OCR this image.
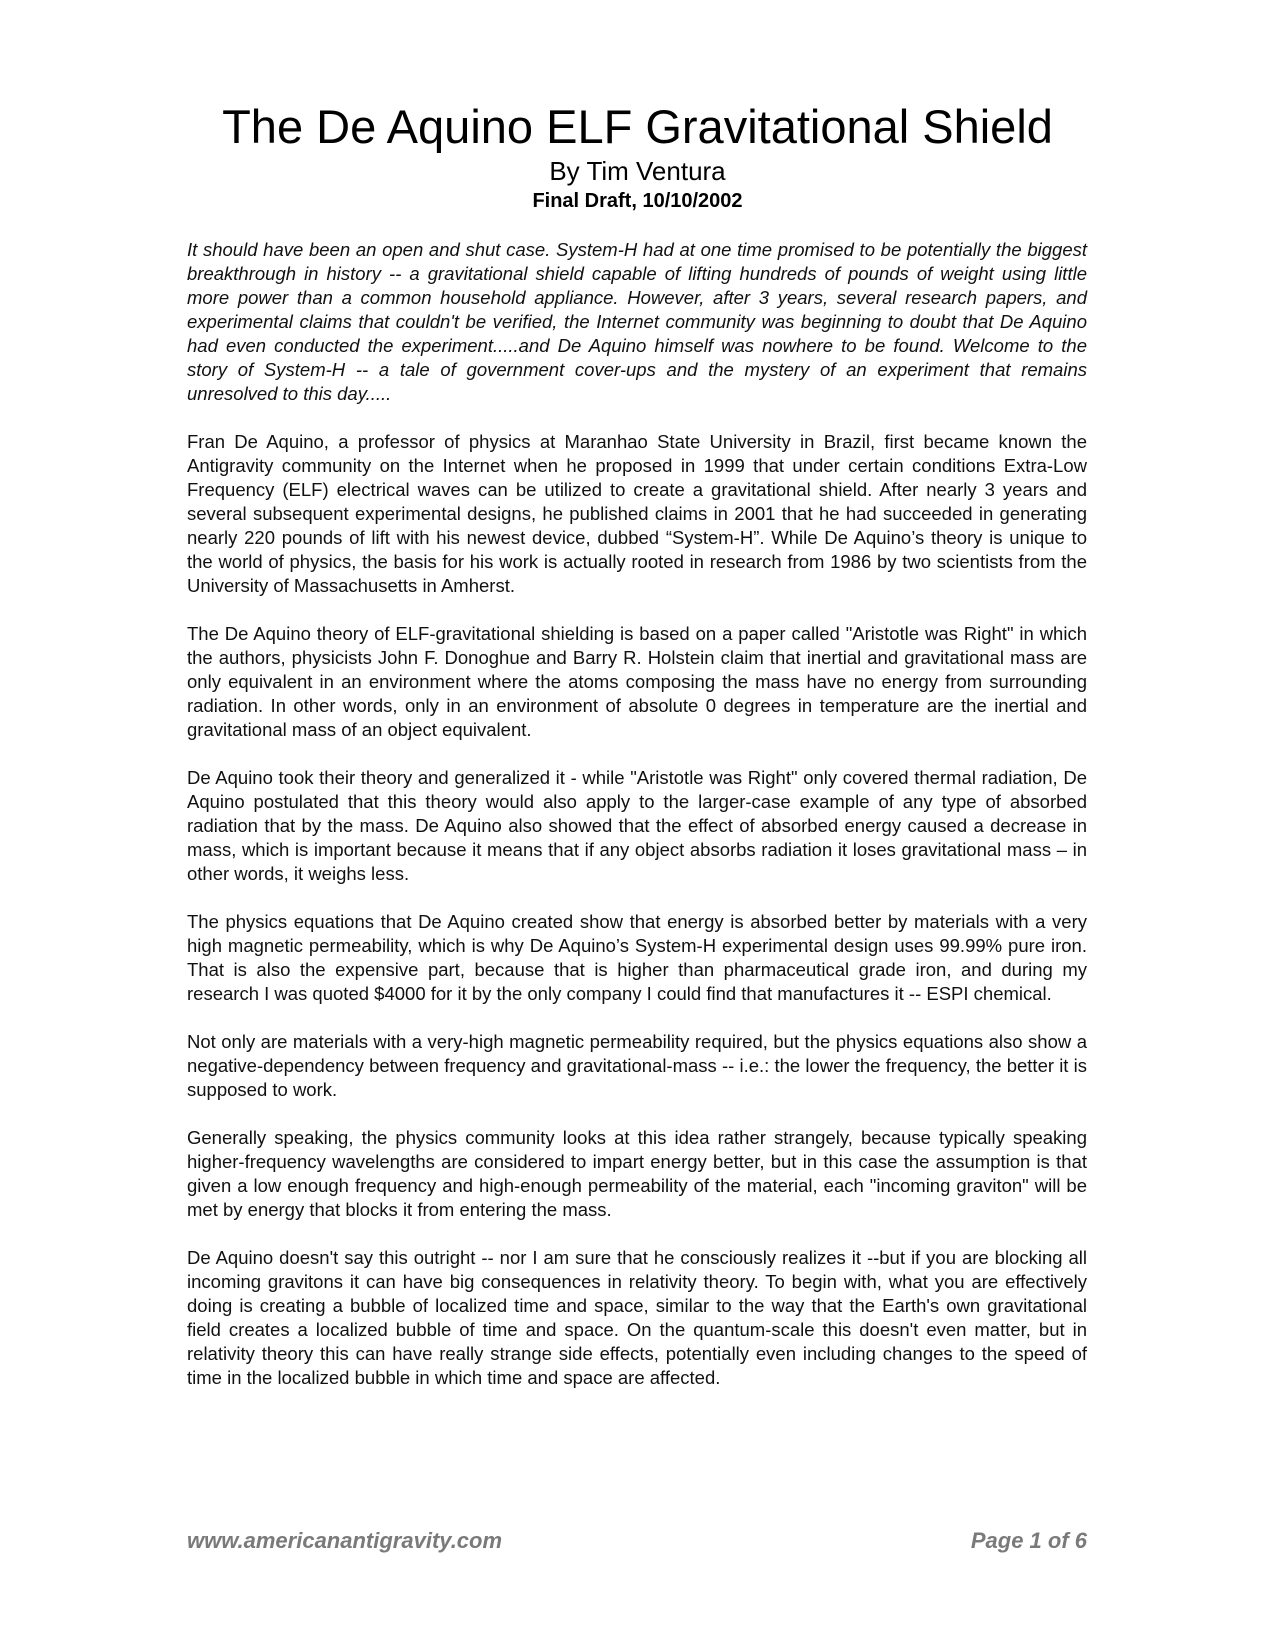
The De Aquino ELF Gravitational Shield
By Tim Ventura
Final Draft, 10/10/2002

It should have been an open and shut case. System-H had at one time promised to be potentially the biggest breakthrough in history -- a gravitational shield capable of lifting hundreds of pounds of weight using little more power than a common household appliance. However, after 3 years, several research papers, and experimental claims that couldn't be verified, the Internet community was beginning to doubt that De Aquino had even conducted the experiment.....and De Aquino himself was nowhere to be found. Welcome to the story of System-H -- a tale of government cover-ups and the mystery of an experiment that remains unresolved to this day.....

Fran De Aquino, a professor of physics at Maranhao State University in Brazil, first became known the Antigravity community on the Internet when he proposed in 1999 that under certain conditions Extra-Low Frequency (ELF) electrical waves can be utilized to create a gravitational shield. After nearly 3 years and several subsequent experimental designs, he published claims in 2001 that he had succeeded in generating nearly 220 pounds of lift with his newest device, dubbed “System-H”. While De Aquino’s theory is unique to the world of physics, the basis for his work is actually rooted in research from 1986 by two scientists from the University of Massachusetts in Amherst.

The De Aquino theory of ELF-gravitational shielding is based on a paper called "Aristotle was Right" in which the authors, physicists John F. Donoghue and Barry R. Holstein claim that inertial and gravitational mass are only equivalent in an environment where the atoms composing the mass have no energy from surrounding radiation. In other words, only in an environment of absolute 0 degrees in temperature are the inertial and gravitational mass of an object equivalent.

De Aquino took their theory and generalized it - while "Aristotle was Right" only covered thermal radiation, De Aquino postulated that this theory would also apply to the larger-case example of any type of absorbed radiation that by the mass. De Aquino also showed that the effect of absorbed energy caused a decrease in mass, which is important because it means that if any object absorbs radiation it loses gravitational mass – in other words, it weighs less.

The physics equations that De Aquino created show that energy is absorbed better by materials with a very high magnetic permeability, which is why De Aquino’s System-H experimental design uses 99.99% pure iron. That is also the expensive part, because that is higher than pharmaceutical grade iron, and during my research I was quoted $4000 for it by the only company I could find that manufactures it -- ESPI chemical.

Not only are materials with a very-high magnetic permeability required, but the physics equations also show a negative-dependency between frequency and gravitational-mass -- i.e.: the lower the frequency, the better it is supposed to work.

Generally speaking, the physics community looks at this idea rather strangely, because typically speaking higher-frequency wavelengths are considered to impart energy better, but in this case the assumption is that given a low enough frequency and high-enough permeability of the material, each "incoming graviton" will be met by energy that blocks it from entering the mass.

De Aquino doesn't say this outright -- nor I am sure that he consciously realizes it --but if you are blocking all incoming gravitons it can have big consequences in relativity theory. To begin with, what you are effectively doing is creating a bubble of localized time and space, similar to the way that the Earth's own gravitational field creates a localized bubble of time and space. On the quantum-scale this doesn't even matter, but in relativity theory this can have really strange side effects, potentially even including changes to the speed of time in the localized bubble in which time and space are affected.

www.americanantigravity.com	Page 1 of 6
